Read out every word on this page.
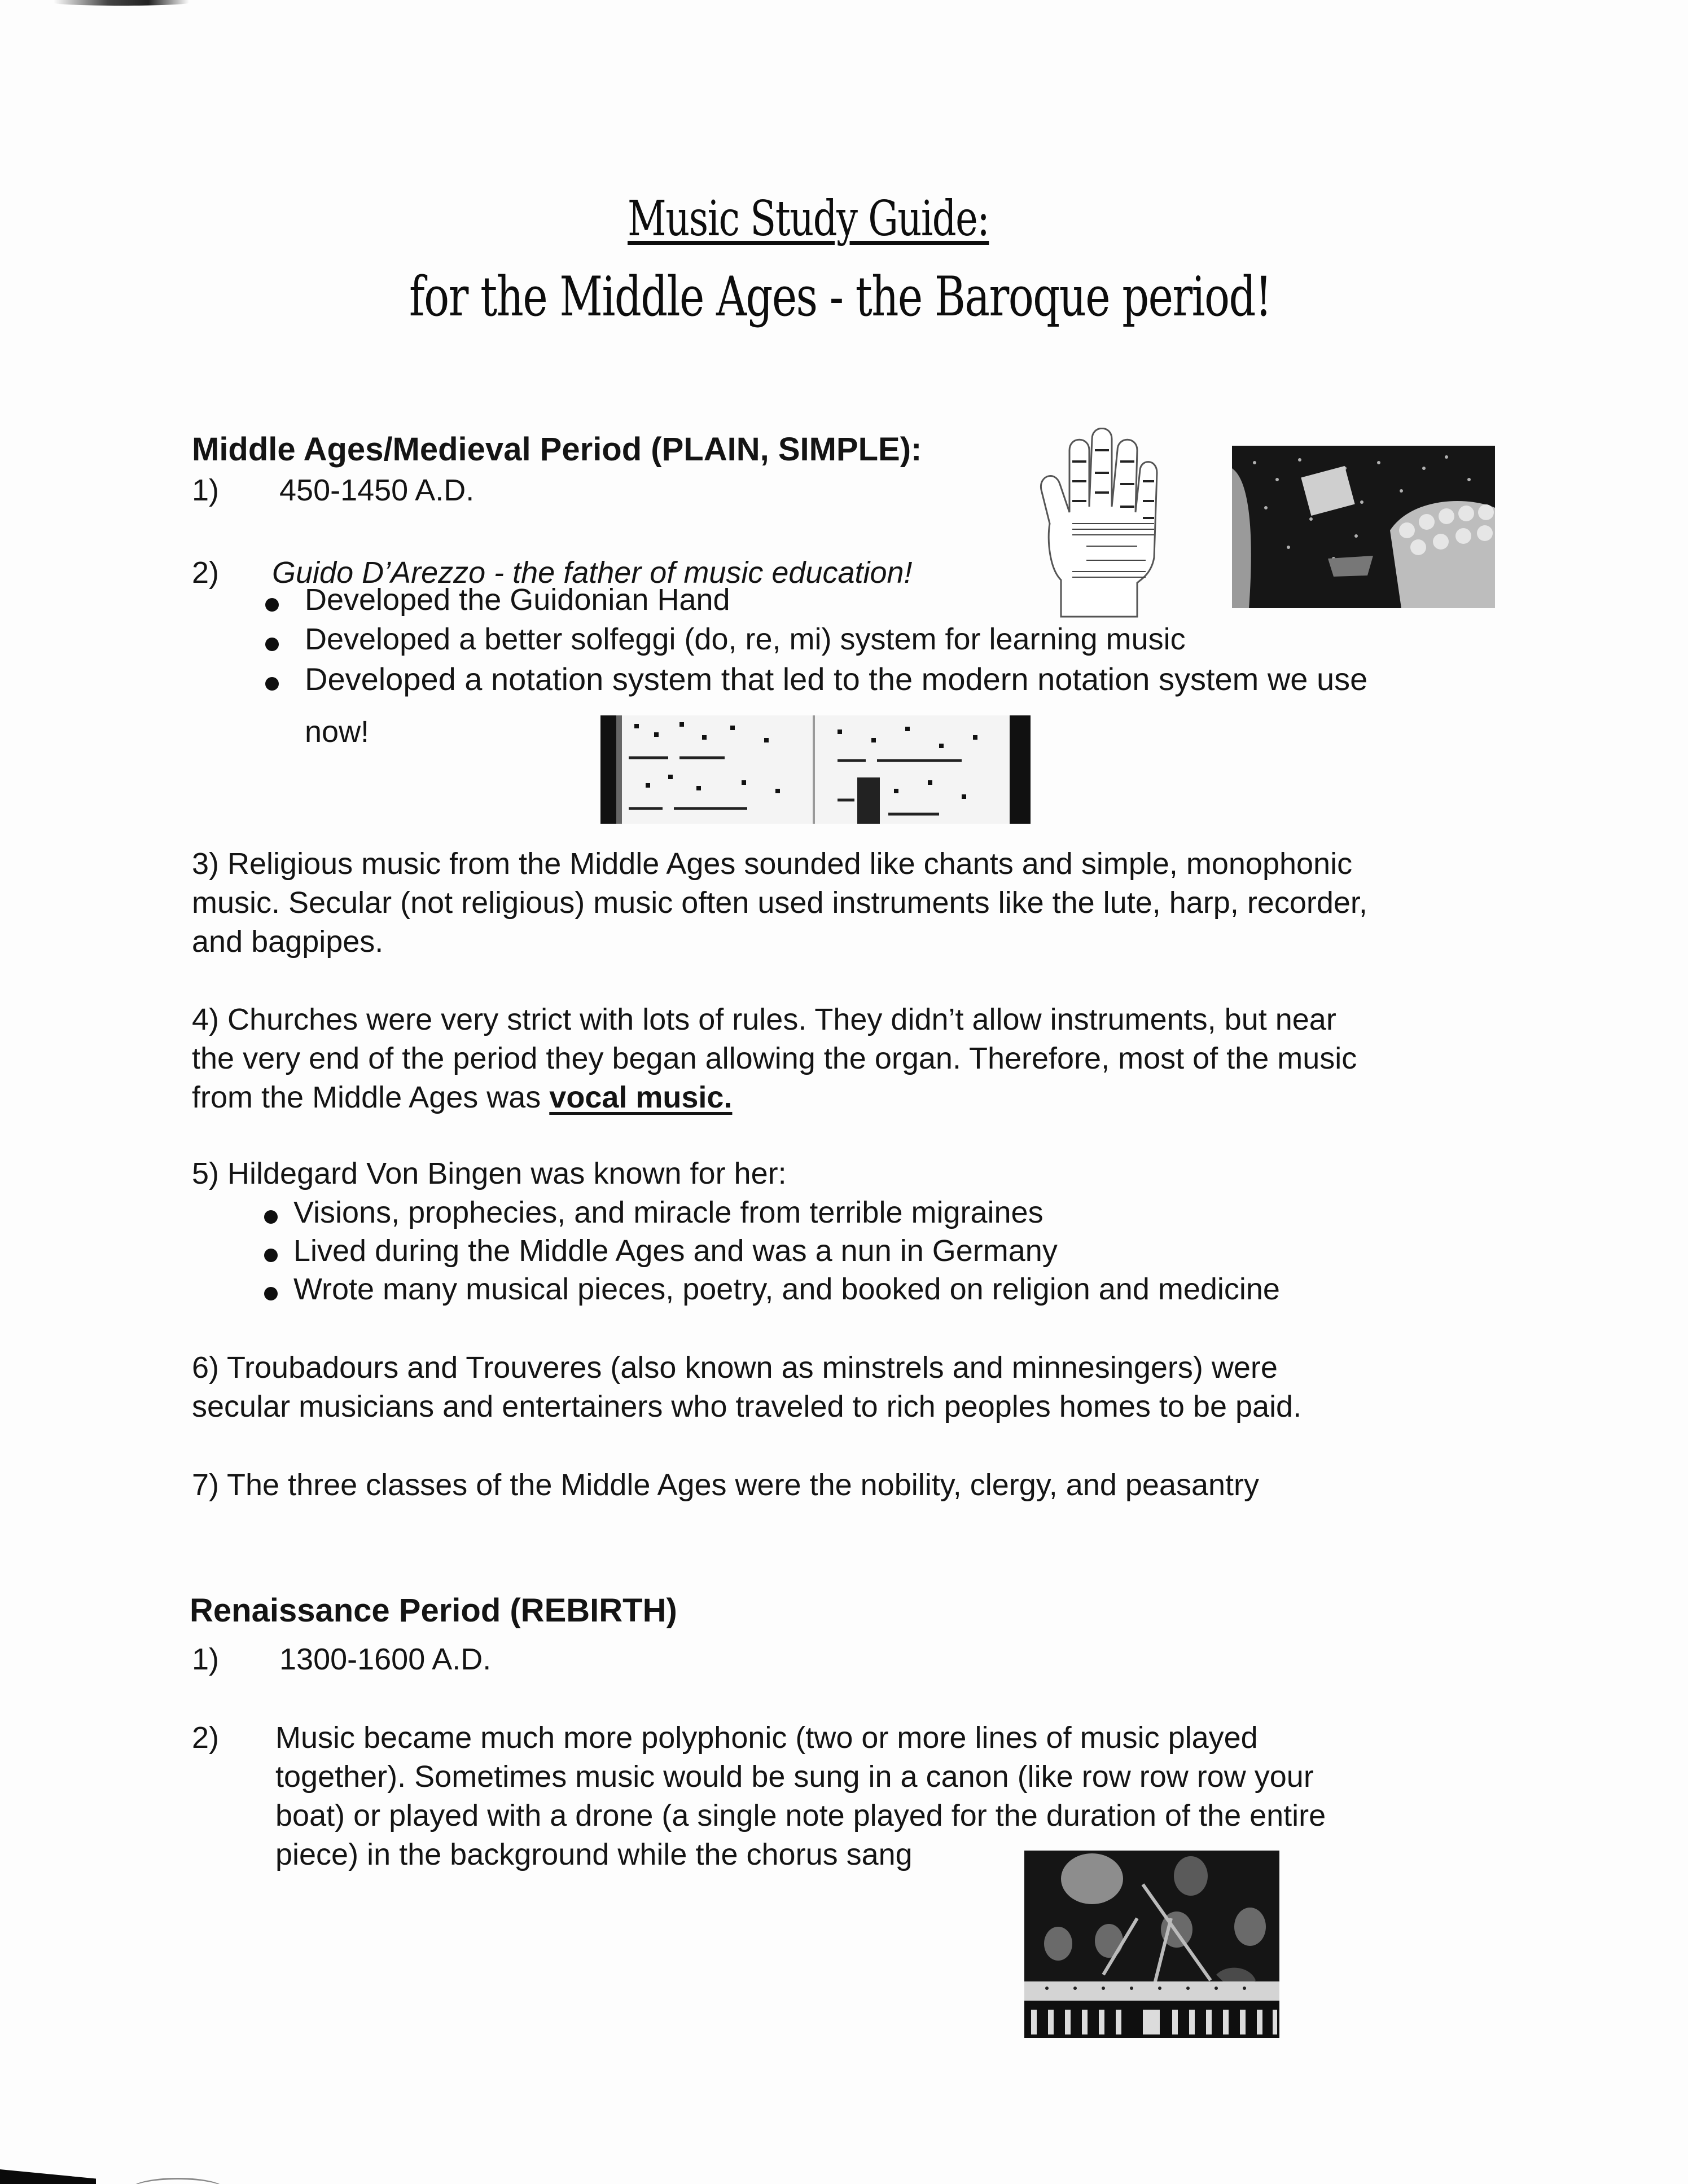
Music Study Guide:
for the Middle Ages - the Baroque period!
Middle Ages/Medieval Period (PLAIN, SIMPLE):
1) 450-1450 A.D.
2) Guido D’Arezzo - the father of music education!
Developed the Guidonian Hand
Developed a better solfeggi (do, re, mi) system for learning music
Developed a notation system that led to the modern notation system we use
now!
3) Religious music from the Middle Ages sounded like chants and simple, monophonic
music. Secular (not religious) music often used instruments like the lute, harp, recorder,
and bagpipes.
4) Churches were very strict with lots of rules. They didn’t allow instruments, but near
the very end of the period they began allowing the organ. Therefore, most of the music
from the Middle Ages was vocal music.
5) Hildegard Von Bingen was known for her:
Visions, prophecies, and miracle from terrible migraines
Lived during the Middle Ages and was a nun in Germany
Wrote many musical pieces, poetry, and booked on religion and medicine
6) Troubadours and Trouveres (also known as minstrels and minnesingers) were
secular musicians and entertainers who traveled to rich peoples homes to be paid.
7) The three classes of the Middle Ages were the nobility, clergy, and peasantry
Renaissance Period (REBIRTH)
1) 1300-1600 A.D.
2) Music became much more polyphonic (two or more lines of music played
together). Sometimes music would be sung in a canon (like row row row your
boat) or played with a drone (a single note played for the duration of the entire
piece) in the background while the chorus sang
